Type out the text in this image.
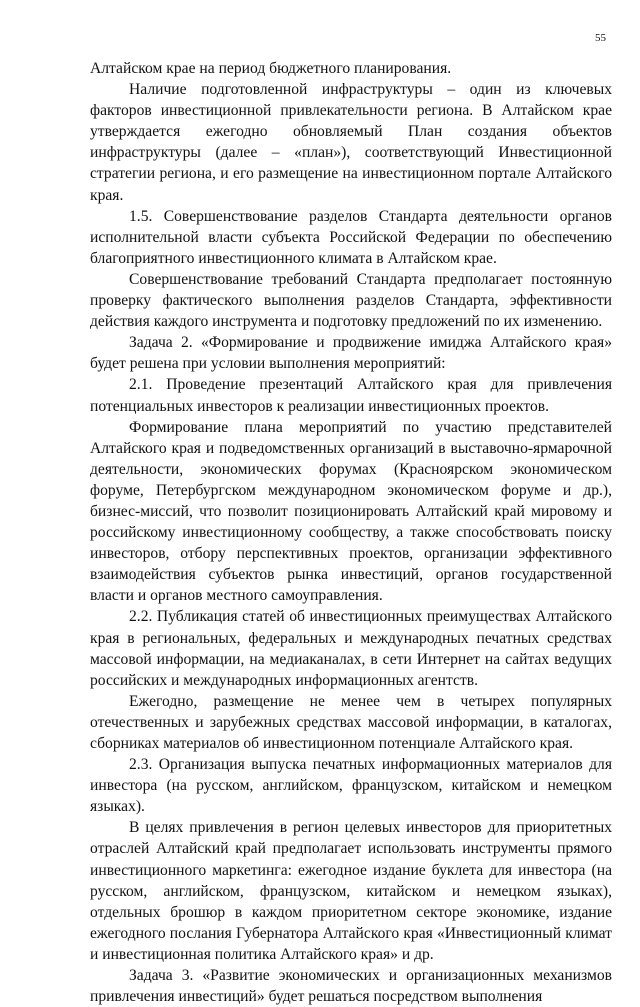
55

Алтайском крае на период бюджетного планирования.

Наличие подготовленной инфраструктуры – один из ключевых факторов инвестиционной привлекательности региона. В Алтайском крае утверждается ежегодно обновляемый План создания объектов инфраструктуры (далее – «план»), соответствующий Инвестиционной стратегии региона, и его размещение на инвестиционном портале Алтайского края.

1.5. Совершенствование разделов Стандарта деятельности органов исполнительной власти субъекта Российской Федерации по обеспечению благоприятного инвестиционного климата в Алтайском крае.

Совершенствование требований Стандарта предполагает постоянную проверку фактического выполнения разделов Стандарта, эффективности действия каждого инструмента и подготовку предложений по их изменению.

Задача 2. «Формирование и продвижение имиджа Алтайского края» будет решена при условии выполнения мероприятий:

2.1. Проведение презентаций Алтайского края для привлечения потенциальных инвесторов к реализации инвестиционных проектов.

Формирование плана мероприятий по участию представителей Алтайского края и подведомственных организаций в выставочно-ярмарочной деятельности, экономических форумах (Красноярском экономическом форуме, Петербургском международном экономическом форуме и др.), бизнес-миссий, что позволит позиционировать Алтайский край мировому и российскому инвестиционному сообществу, а также способствовать поиску инвесторов, отбору перспективных проектов, организации эффективного взаимодействия субъектов рынка инвестиций, органов государственной власти и органов местного самоуправления.

2.2. Публикация статей об инвестиционных преимуществах Алтайского края в региональных, федеральных и международных печатных средствах массовой информации, на медиаканалах, в сети Интернет на сайтах ведущих российских и международных информационных агентств.

Ежегодно, размещение не менее чем в четырех популярных отечественных и зарубежных средствах массовой информации, в каталогах, сборниках материалов об инвестиционном потенциале Алтайского края.

2.3. Организация выпуска печатных информационных материалов для инвестора (на русском, английском, французском, китайском и немецком языках).

В целях привлечения в регион целевых инвесторов для приоритетных отраслей Алтайский край предполагает использовать инструменты прямого инвестиционного маркетинга: ежегодное издание буклета для инвестора (на русском, английском, французском, китайском и немецком языках), отдельных брошюр в каждом приоритетном секторе экономике, издание ежегодного послания Губернатора Алтайского края «Инвестиционный климат и инвестиционная политика Алтайского края» и др.

Задача 3. «Развитие экономических и организационных механизмов привлечения инвестиций» будет решаться посредством выполнения
